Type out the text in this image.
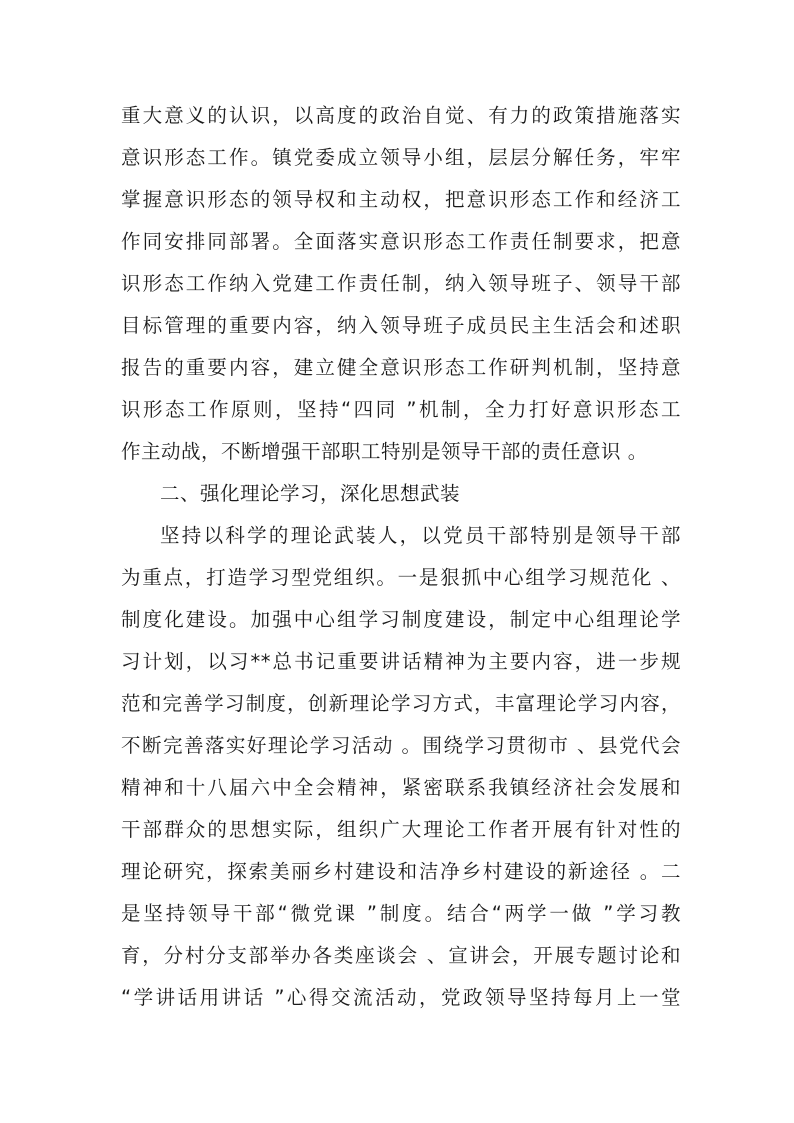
重大意义的认识，以高度的政治自觉、有力的政策措施落实
意识形态工作。镇党委成立领导小组，层层分解任务，牢牢
掌握意识形态的领导权和主动权，把意识形态工作和经济工
作同安排同部署。全面落实意识形态工作责任制要求，把意
识形态工作纳入党建工作责任制，纳入领导班子、领导干部
目标管理的重要内容，纳入领导班子成员民主生活会和述职
报告的重要内容，建立健全意识形态工作研判机制，坚持意
识形态工作原则，坚持“四同 ”机制，全力打好意识形态工
作主动战，不断增强干部职工特别是领导干部的责任意识 。
二、强化理论学习，深化思想武装
坚持以科学的理论武装人，以党员干部特别是领导干部
为重点，打造学习型党组织。一是狠抓中心组学习规范化 、
制度化建设。加强中心组学习制度建设，制定中心组理论学
习计划，以习**总书记重要讲话精神为主要内容，进一步规
范和完善学习制度，创新理论学习方式，丰富理论学习内容，
不断完善落实好理论学习活动 。围绕学习贯彻市 、县党代会
精神和十八届六中全会精神，紧密联系我镇经济社会发展和
干部群众的思想实际，组织广大理论工作者开展有针对性的
理论研究，探索美丽乡村建设和洁净乡村建设的新途径 。二
是坚持领导干部“微党课 ”制度。结合“两学一做 ”学习教
育，分村分支部举办各类座谈会 、宣讲会，开展专题讨论和
“学讲话用讲话 ”心得交流活动，党政领导坚持每月上一堂
